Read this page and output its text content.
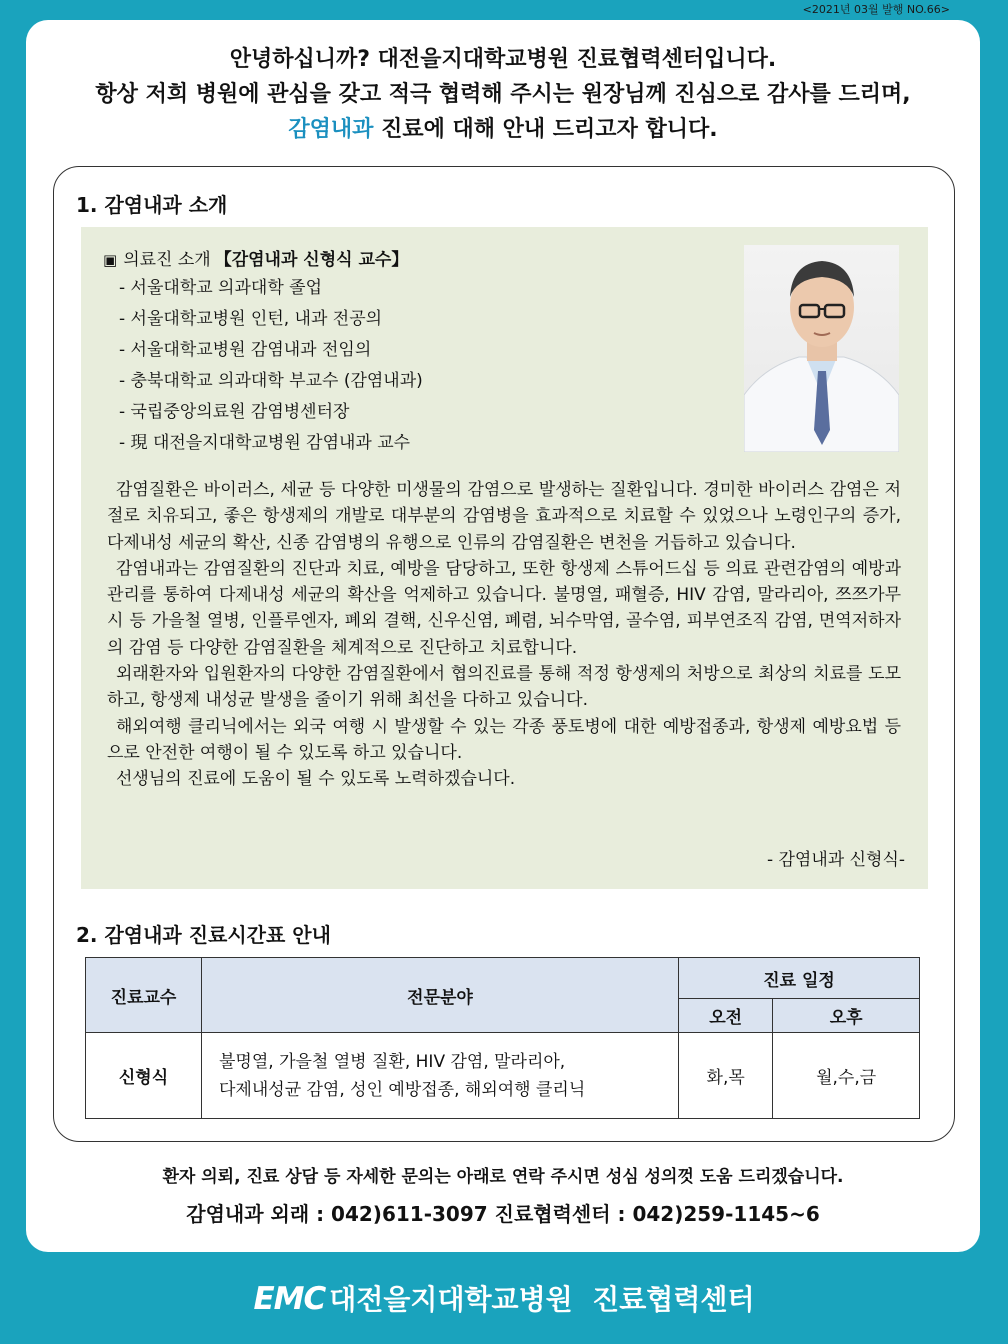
<2021년 03월 발행 NO.66>
안녕하십니까? 대전을지대학교병원 진료협력센터입니다.
항상 저희 병원에 관심을 갖고 적극 협력해 주시는 원장님께 진심으로 감사를 드리며,
감염내과 진료에 대해 안내 드리고자 합니다.
1. 감염내과 소개
▣ 의료진 소개 【감염내과 신형식 교수】
- 서울대학교 의과대학 졸업
- 서울대학교병원 인턴, 내과 전공의
- 서울대학교병원 감염내과 전임의
- 충북대학교 의과대학 부교수 (감염내과)
- 국립중앙의료원 감염병센터장
- 現 대전을지대학교병원 감염내과 교수

감염질환은 바이러스, 세균 등 다양한 미생물의 감염으로 발생하는 질환입니다. 경미한 바이러스 감염은 저절로 치유되고, 좋은 항생제의 개발로 대부분의 감염병을 효과적으로 치료할 수 있었으나 노령인구의 증가, 다제내성 세균의 확산, 신종 감염병의 유행으로 인류의 감염질환은 변천을 거듭하고 있습니다.

감염내과는 감염질환의 진단과 치료, 예방을 담당하고, 또한 항생제 스튜어드십 등 의료 관련감염의 예방과 관리를 통하여 다제내성 세균의 확산을 억제하고 있습니다. 불명열, 패혈증, HIV 감염, 말라리아, 쯔쯔가무시 등 가을철 열병, 인플루엔자, 폐외 결핵, 신우신염, 폐렴, 뇌수막염, 골수염, 피부연조직 감염, 면역저하자의 감염 등 다양한 감염질환을 체계적으로 진단하고 치료합니다.

외래환자와 입원환자의 다양한 감염질환에서 협의진료를 통해 적정 항생제의 처방으로 최상의 치료를 도모하고, 항생제 내성균 발생을 줄이기 위해 최선을 다하고 있습니다.

해외여행 클리닉에서는 외국 여행 시 발생할 수 있는 각종 풍토병에 대한 예방접종과, 항생제 예방요법 등으로 안전한 여행이 될 수 있도록 하고 있습니다.

선생님의 진료에 도움이 될 수 있도록 노력하겠습니다.

- 감염내과 신형식-
2. 감염내과 진료시간표 안내
진료교수	전문분야	진료 일정	
		오전	오후
신형식	불명열, 가을철 열병 질환, HIV 감염, 말라리아,
다제내성균 감염, 성인 예방접종, 해외여행 클리닉	화,목	월,수,금
환자 의뢰, 진료 상담 등 자세한 문의는 아래로 연락 주시면 성심 성의껏 도움 드리겠습니다.
감염내과 외래 : 042)611-3097 진료협력센터 : 042)259-1145~6
EMC 대전을지대학교병원 진료협력센터
